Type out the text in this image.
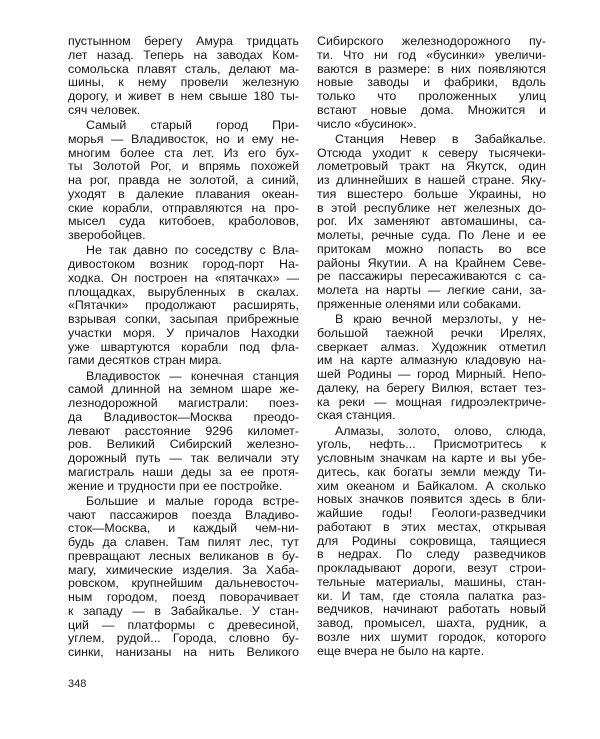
пустынном берегу Амура тридцать
лет назад. Теперь на заводах Ком-
сомольска плавят сталь, делают ма-
шины, к нему провели железную
дорогу, и живет в нем свыше 180 ты-
сяч человек.
Самый старый город При-
морья — Владивосток, но и ему не-
многим более ста лет. Из его бух-
ты Золотой Рог, и впрямь похожей
на рог, правда не золотой, а синий,
уходят в далекие плавания океан-
ские корабли, отправляются на про-
мысел суда китобоев, краболовов,
зверобойцев.
Не так давно по соседству с Вла-
дивостоком возник город-порт На-
ходка. Он построен на «пятачках» —
площадках, вырубленных в скалах.
«Пятачки» продолжают расширять,
взрывая сопки, засыпая прибрежные
участки моря. У причалов Находки
уже швартуются корабли под фла-
гами десятков стран мира.
Владивосток — конечная станция
самой длинной на земном шаре же-
лезнодорожной магистрали: поез-
да Владивосток—Москва преодо-
левают расстояние 9296 километ-
ров. Великий Сибирский железно-
дорожный путь — так величали эту
магистраль наши деды за ее протя-
жение и трудности при ее постройке.
Большие и малые города встре-
чают пассажиров поезда Владиво-
сток—Москва, и каждый чем-ни-
будь да славен. Там пилят лес, тут
превращают лесных великанов в бу-
магу, химические изделия. За Хаба-
ровском, крупнейшим дальневосточ-
ным городом, поезд поворачивает
к западу — в Забайкалье. У стан-
ций — платформы с древесиной,
углем, рудой... Города, словно бу-
синки, нанизаны на нить Великого
Сибирского железнодорожного пу-
ти. Что ни год «бусинки» увеличи-
ваются в размере: в них появляются
новые заводы и фабрики, вдоль
только что проложенных улиц
встают новые дома. Множится и
число «бусинок».
Станция Невер в Забайкалье.
Отсюда уходит к северу тысячеки-
лометровый тракт на Якутск, один
из длиннейших в нашей стране. Яку-
тия вшестеро больше Украины, но
в этой республике нет железных до-
рог. Их заменяют автомашины, са-
молеты, речные суда. По Лене и ее
притокам можно попасть во все
районы Якутии. А на Крайнем Севе-
ре пассажиры пересаживаются с са-
молета на нарты — легкие сани, за-
пряженные оленями или собаками.
В краю вечной мерзлоты, у не-
большой таежной речки Ирелях,
сверкает алмаз. Художник отметил
им на карте алмазную кладовую на-
шей Родины — город Мирный. Непо-
далеку, на берегу Вилюя, встает тез-
ка реки — мощная гидроэлектриче-
ская станция.
Алмазы, золото, олово, слюда,
уголь, нефть... Присмотритесь к
условным значкам на карте и вы убе-
дитесь, как богаты земли между Ти-
хим океаном и Байкалом. А сколько
новых значков появится здесь в бли-
жайшие годы! Геологи-разведчики
работают в этих местах, открывая
для Родины сокровища, таящиеся
в недрах. По следу разведчиков
прокладывают дороги, везут строи-
тельные материалы, машины, стан-
ки. И там, где стояла палатка раз-
ведчиков, начинают работать новый
завод, промысел, шахта, рудник, а
возле них шумит городок, которого
еще вчера не было на карте.
348
